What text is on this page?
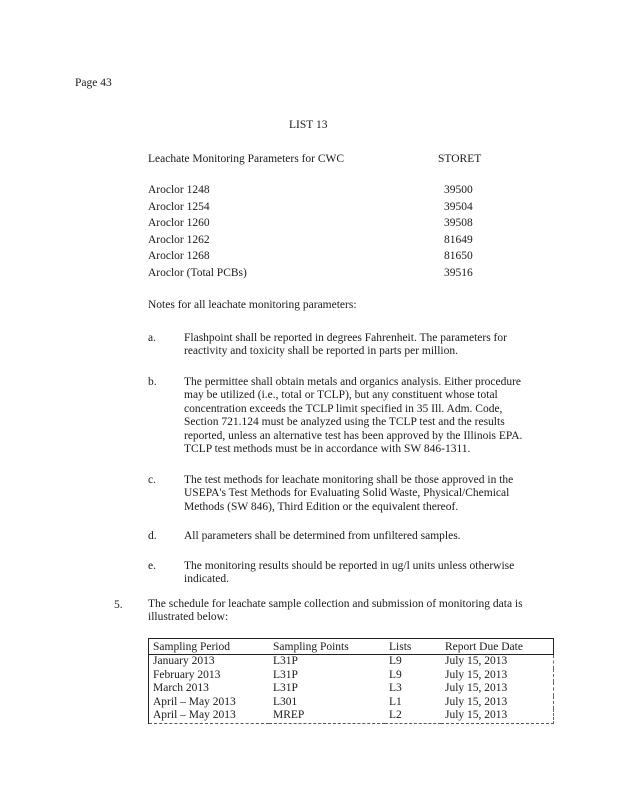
Page 43
LIST 13
Leachate Monitoring Parameters for CWC	STORET
Aroclor 1248	39500
Aroclor 1254	39504
Aroclor 1260	39508
Aroclor 1262	81649
Aroclor 1268	81650
Aroclor (Total PCBs)	39516
Notes for all leachate monitoring parameters:
a. Flashpoint shall be reported in degrees Fahrenheit. The parameters for
reactivity and toxicity shall be reported in parts per million.
b. The permittee shall obtain metals and organics analysis. Either procedure
may be utilized (i.e., total or TCLP), but any constituent whose total
concentration exceeds the TCLP limit specified in 35 Ill. Adm. Code,
Section 721.124 must be analyzed using the TCLP test and the results
reported, unless an alternative test has been approved by the Illinois EPA.
TCLP test methods must be in accordance with SW 846-1311.
c. The test methods for leachate monitoring shall be those approved in the
USEPA's Test Methods for Evaluating Solid Waste, Physical/Chemical
Methods (SW 846), Third Edition or the equivalent thereof.
d. All parameters shall be determined from unfiltered samples.
e. The monitoring results should be reported in ug/l units unless otherwise
indicated.
5. The schedule for leachate sample collection and submission of monitoring data is
illustrated below:
Sampling Period	Sampling Points	Lists	Report Due Date
January 2013	L31P	L9	July 15, 2013
February 2013	L31P	L9	July 15, 2013
March 2013	L31P	L3	July 15, 2013
April – May 2013	L301	L1	July 15, 2013
April – May 2013	MREP	L2	July 15, 2013
